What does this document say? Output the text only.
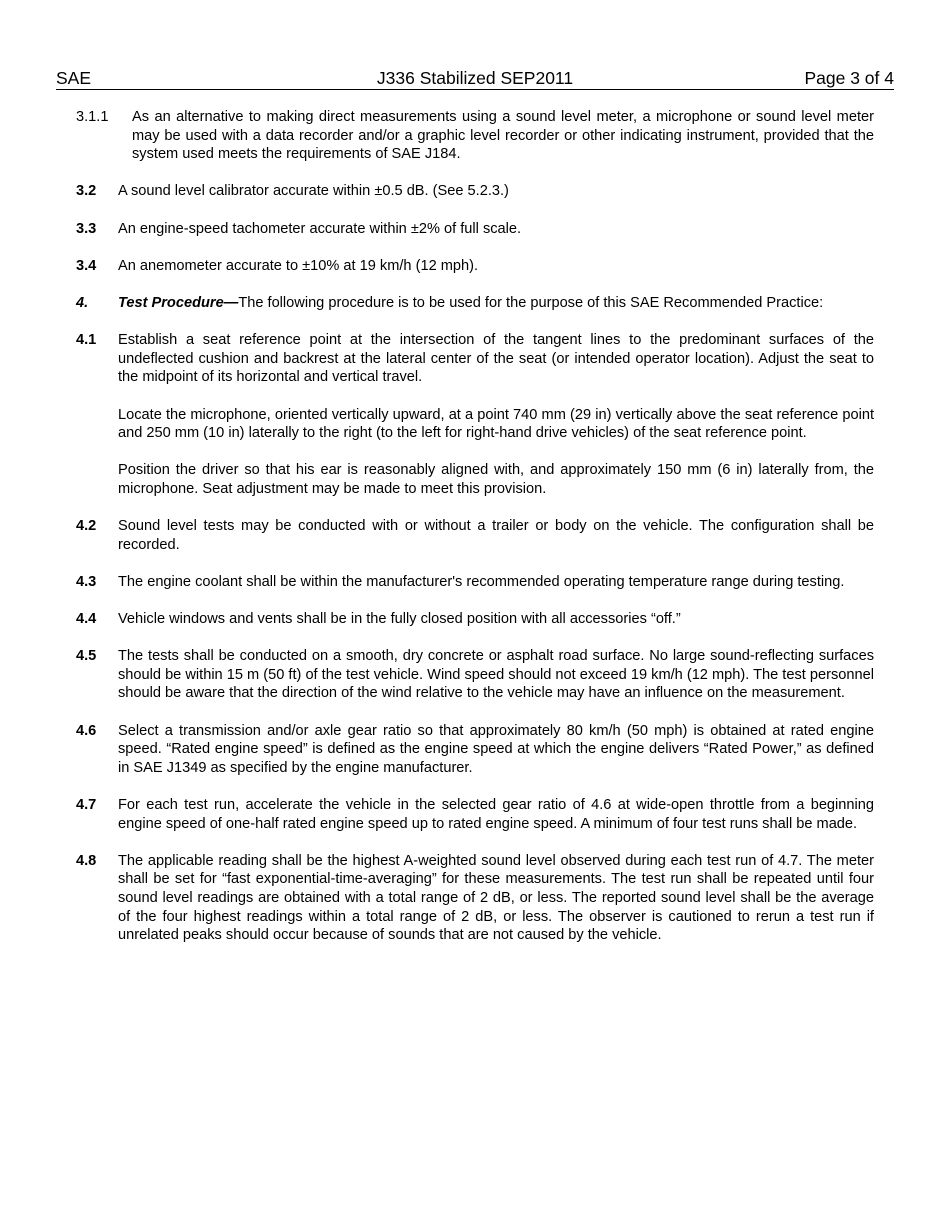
SAE	J336 Stabilized SEP2011	Page 3 of 4
3.1.1	As an alternative to making direct measurements using a sound level meter, a microphone or sound level meter may be used with a data recorder and/or a graphic level recorder or other indicating instrument, provided that the system used meets the requirements of SAE J184.

3.2	A sound level calibrator accurate within ±0.5 dB. (See 5.2.3.)

3.3	An engine-speed tachometer accurate within ±2% of full scale.

3.4	An anemometer accurate to ±10% at 19 km/h (12 mph).

4.	Test Procedure—The following procedure is to be used for the purpose of this SAE Recommended Practice:

4.1	Establish a seat reference point at the intersection of the tangent lines to the predominant surfaces of the undeflected cushion and backrest at the lateral center of the seat (or intended operator location). Adjust the seat to the midpoint of its horizontal and vertical travel.

Locate the microphone, oriented vertically upward, at a point 740 mm (29 in) vertically above the seat reference point and 250 mm (10 in) laterally to the right (to the left for right-hand drive vehicles) of the seat reference point.

Position the driver so that his ear is reasonably aligned with, and approximately 150 mm (6 in) laterally from, the microphone. Seat adjustment may be made to meet this provision.

4.2	Sound level tests may be conducted with or without a trailer or body on the vehicle. The configuration shall be recorded.

4.3	The engine coolant shall be within the manufacturer's recommended operating temperature range during testing.

4.4	Vehicle windows and vents shall be in the fully closed position with all accessories “off.”

4.5	The tests shall be conducted on a smooth, dry concrete or asphalt road surface. No large sound-reflecting surfaces should be within 15 m (50 ft) of the test vehicle. Wind speed should not exceed 19 km/h (12 mph). The test personnel should be aware that the direction of the wind relative to the vehicle may have an influence on the measurement.

4.6	Select a transmission and/or axle gear ratio so that approximately 80 km/h (50 mph) is obtained at rated engine speed. “Rated engine speed” is defined as the engine speed at which the engine delivers “Rated Power,” as defined in SAE J1349 as specified by the engine manufacturer.

4.7	For each test run, accelerate the vehicle in the selected gear ratio of 4.6 at wide-open throttle from a beginning engine speed of one-half rated engine speed up to rated engine speed. A minimum of four test runs shall be made.

4.8	The applicable reading shall be the highest A-weighted sound level observed during each test run of 4.7. The meter shall be set for “fast exponential-time-averaging” for these measurements. The test run shall be repeated until four sound level readings are obtained with a total range of 2 dB, or less. The reported sound level shall be the average of the four highest readings within a total range of 2 dB, or less. The observer is cautioned to rerun a test run if unrelated peaks should occur because of sounds that are not caused by the vehicle.
